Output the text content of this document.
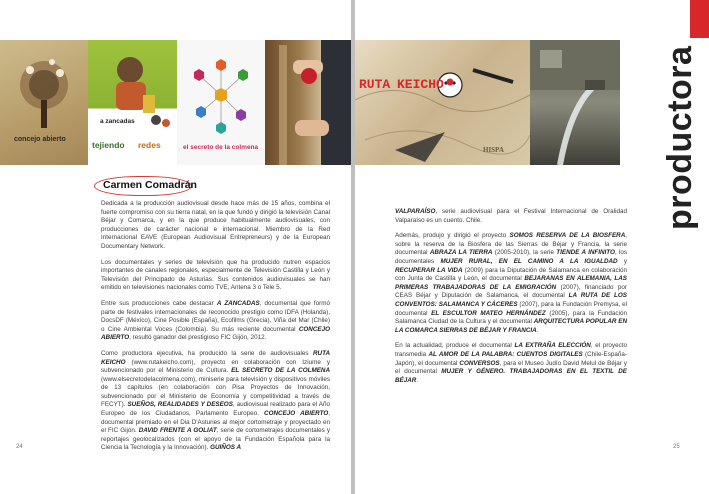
concejo abierto
a zancadas
tejiendo redes	el secreto de la colmena
Carmen Comadrán

Dedicada a la producción audiovisual desde hace más de 15 años, combina el fuerte compromiso con su tierra natal, en la que fundó y dirigió la televisión Canal Béjar y Comarca, y en la que produce habitualmente audiovisuales, con producciones de carácter nacional e internacional. Miembro de la Red Internacional EAVE (European Audiovisual Entrepreneurs) y de la European Documentary Network.

Los documentales y series de televisión que ha producido nutren espacios importantes de canales regionales, especialmente de Televisión Castilla y León y Televisión del Principado de Asturias. Sus contenidos audiovisuales se han emitido en televisiones nacionales como TVE, Antena 3 o Tele 5.

Entre sus producciones cabe destacar A ZANCADAS, documental que formó parte de festivales internacionales de reconocido prestigio como IDFA (Holanda), DocsDF (México), Cine Posible (España), Ecofilms (Grecia), Viña del Mar (Chile) o Cine Ambiental Voces (Colombia). Su más reciente documental CONCEJO ABIERTO, resultó ganador del prestigioso FIC Gijón, 2012.

Como productora ejecutiva, ha producido la serie de audiovisuales RUTA KEICHO (www.rutakeicho.com), proyecto en colaboración con Iziume y subvencionado por el Ministerio de Cultura. EL SECRETO DE LA COLMENA (www.elsecretodelacolmena.com), miniserie para televisión y dispositivos móviles de 13 capítulos (en colaboración con Pisa Proyectos de Innovación, subvencionado por el Ministerio de Economía y competitividad a través de FECYT). SUEÑOS, REALIDADES Y DESEOS, audiovisual realizado para el Año Europeo de los Ciudadanos, Parlamento Europeo. CONCEJO ABIERTO, documental premiado en el Dia D'Asturies al mejor cortometraje y proyectado en el FIC Gijón. DAVID FRENTE A GOLIAT, serie de cortometrajes documentales y reportajes geolocalizados (con el apoyo de la Fundación Española para la Ciencia la Tecnología y la Innovación). GUIÑOS A

24
RUTA KEICHO
HISPA	productora

VALPARAÍSO, serie audiovisual para el Festival Internacional de Oralidad Valparaíso es un cuento. Chile.

Además, produjo y dirigió el proyecto SOMOS RESERVA DE LA BIOSFERA, sobre la reserva de la Biosfera de las Sierras de Béjar y Francia, la serie documental ABRAZA LA TIERRA (2005-2010), la serie TIENDE A INFINITO, los documentales MUJER RURAL, EN EL CAMINO A LA IGUALDAD y RECUPERAR LA VIDA (2009) para la Diputación de Salamanca en colaboración con Junta de Castilla y León, el documental BEJARANAS EN ALEMANIA, LAS PRIMERAS TRABAJADORAS DE LA EMIGRACIÓN (2007), financiado por CEAS Béjar y Diputación de Salamanca, el documental LA RUTA DE LOS CONVENTOS: SALAMANCA Y CÁCERES (2007), para la Fundación Premysa, el documental EL ESCULTOR MATEO HERNÁNDEZ (2005), para la Fundación Salamanca Ciudad de la Cultura y el documental ARQUITECTURA POPULAR EN LA COMARCA SIERRAS DE BÉJAR Y FRANCIA.

En la actualidad, produce el documental LA EXTRAÑA ELECCIÓN, el proyecto transmedia AL AMOR DE LA PALABRA: CUENTOS DIGITALES (Chile-España-Japón), el documental CONVERSOS, para el Museo Judío David Melul de Béjar y el documental MUJER Y GÉNERO. TRABAJADORAS EN EL TEXTIL DE BÉJAR.

25
